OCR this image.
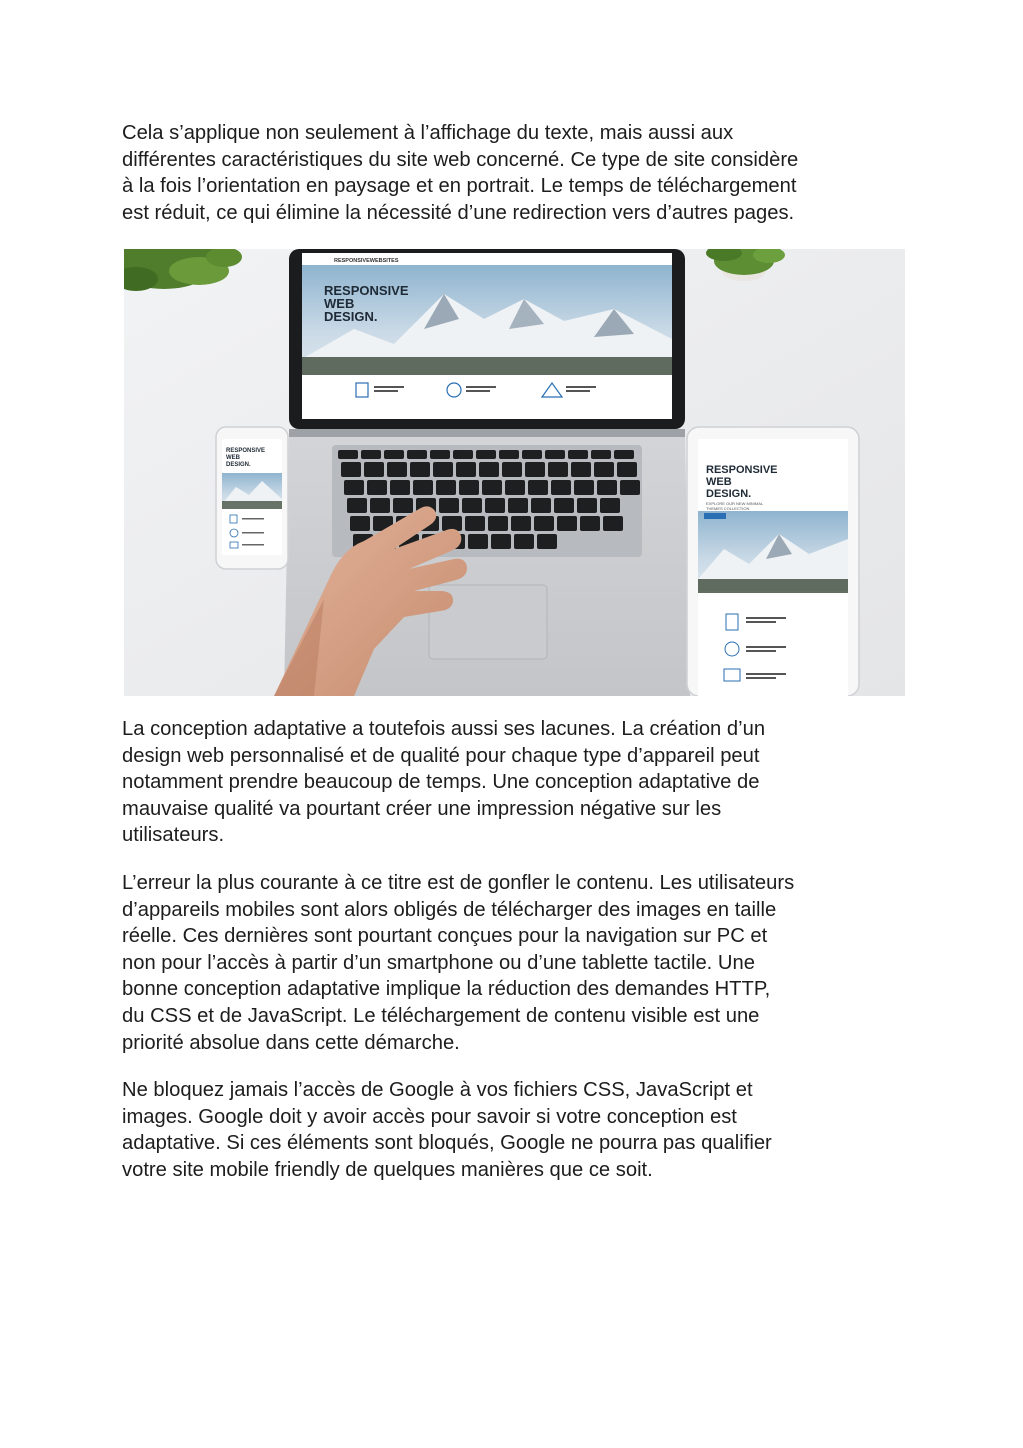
Cela s’applique non seulement à l’affichage du texte, mais aussi aux
différentes caractéristiques du site web concerné. Ce type de site considère
à la fois l’orientation en paysage et en portrait. Le temps de téléchargement
est réduit, ce qui élimine la nécessité d’une redirection vers d’autres pages.

RESPONSIVEWEBSITES
RESPONSIVE
WEB
DESIGN.
RESPONSIVE
WEB
DESIGN.	RESPONSIVE
WEB
DESIGN.
EXPLORE OUR NEW MINIMAL
THEMES COLLECTION

La conception adaptative a toutefois aussi ses lacunes. La création d’un
design web personnalisé et de qualité pour chaque type d’appareil peut
notamment prendre beaucoup de temps. Une conception adaptative de
mauvaise qualité va pourtant créer une impression négative sur les
utilisateurs.

L’erreur la plus courante à ce titre est de gonfler le contenu. Les utilisateurs
d’appareils mobiles sont alors obligés de télécharger des images en taille
réelle. Ces dernières sont pourtant conçues pour la navigation sur PC et
non pour l’accès à partir d’un smartphone ou d’une tablette tactile. Une
bonne conception adaptative implique la réduction des demandes HTTP,
du CSS et de JavaScript. Le téléchargement de contenu visible est une
priorité absolue dans cette démarche.

Ne bloquez jamais l’accès de Google à vos fichiers CSS, JavaScript et
images. Google doit y avoir accès pour savoir si votre conception est
adaptative. Si ces éléments sont bloqués, Google ne pourra pas qualifier
votre site mobile friendly de quelques manières que ce soit.
